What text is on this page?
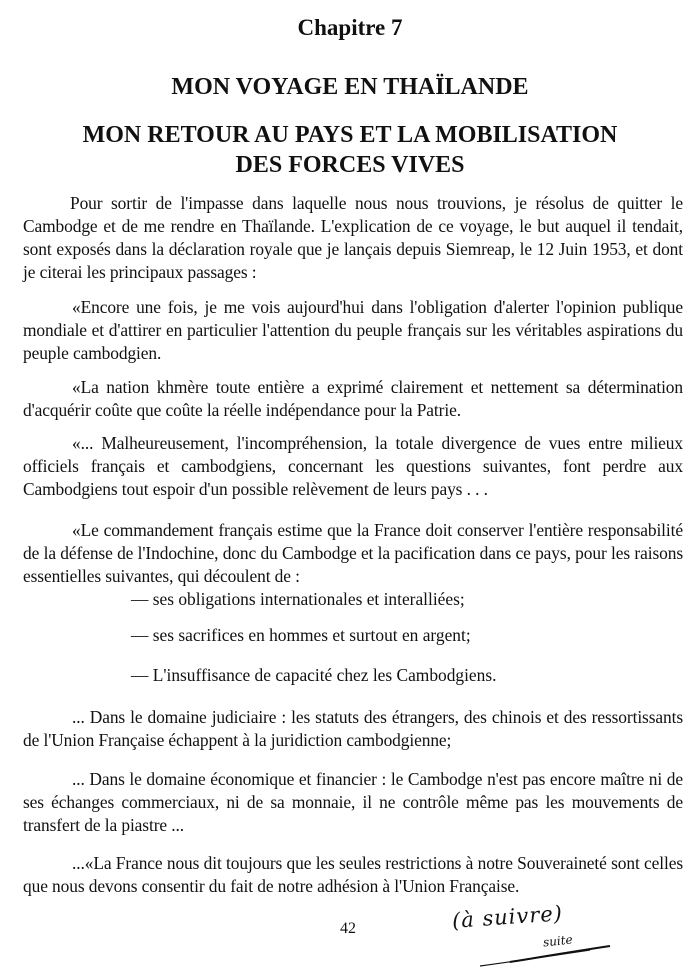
Chapitre 7
MON VOYAGE EN THAÏLANDE
MON RETOUR AU PAYS ET LA MOBILISATION
DES FORCES VIVES
Pour sortir de l'impasse dans laquelle nous nous trouvions, je résolus de quitter le Cambodge et de me rendre en Thaïlande. L'explication de ce voyage, le but auquel il tendait, sont exposés dans la déclaration royale que je lançais depuis Siemreap, le 12 Juin 1953, et dont je citerai les principaux passages :
«Encore une fois, je me vois aujourd'hui dans l'obligation d'alerter l'opinion publique mondiale et d'attirer en particulier l'attention du peuple français sur les véritables aspirations du peuple cambodgien.
«La nation khmère toute entière a exprimé clairement et nettement sa détermination d'acquérir coûte que coûte la réelle indépendance pour la Patrie.
«... Malheureusement, l'incompréhension, la totale divergence de vues entre milieux officiels français et cambodgiens, concernant les questions suivantes, font perdre aux Cambodgiens tout espoir d'un possible relèvement de leurs pays . . .
«Le commandement français estime que la France doit conserver l'entière responsabilité de la défense de l'Indochine, donc du Cambodge et la pacification dans ce pays, pour les raisons essentielles suivantes, qui découlent de :
— ses obligations internationales et interalliées;
— ses sacrifices en hommes et surtout en argent;
— L'insuffisance de capacité chez les Cambodgiens.
... Dans le domaine judiciaire : les statuts des étrangers, des chinois et des ressortissants de l'Union Française échappent à la juridiction cambodgienne;
... Dans le domaine économique et financier : le Cambodge n'est pas encore maître ni de ses échanges commerciaux, ni de sa monnaie, il ne contrôle même pas les mouvements de transfert de la piastre ...
...«La France nous dit toujours que les seules restrictions à notre Souveraineté sont celles que nous devons consentir du fait de notre adhésion à l'Union Française.
42	(à suivre)
suite
